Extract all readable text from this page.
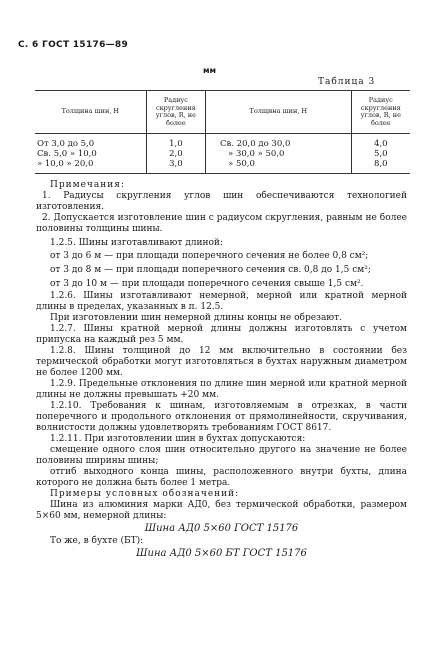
С. 6 ГОСТ 15176—89
мм
Таблица 3
Толщина шин, H	Радиус скругления углов, R, не более	Толщина шин, H	Радиус скругления углов, R, не более
От 3,0 до 5,0	1,0	Св. 20,0 до 30,0	4,0
Св. 5,0 » 10,0	2,0	» 30,0 » 50,0	5,0
» 10,0 » 20,0	3,0	» 50,0	8,0
Примечания:
1. Радиусы скругления углов шин обеспечиваются технологией изготовления.
2. Допускается изготовление шин с радиусом скругления, равным не более половины толщины шины.
1.2.5. Шины изготавливают длиной:
от 3 до 6 м — при площади поперечного сечения не более 0,8 см²;
от 3 до 8 м — при площади поперечного сечения св. 0,8 до 1,5 см²;
от 3 до 10 м — при площади поперечного сечения свыше 1,5 см².
1.2.6. Шины изготавливают немерной, мерной или кратной мерной длины в пределах, указанных в п. 12.5.
При изготовлении шин немерной длины концы не обрезают.
1.2.7. Шины кратной мерной длины должны изготовлять с учетом припуска на каждый рез 5 мм.
1.2.8. Шины толщиной до 12 мм включительно в состоянии без термической обработки могут изготовляться в бухтах наружным диаметром не более 1200 мм.
1.2.9. Предельные отклонения по длине шин мерной или кратной мерной длины не должны превышать +20 мм.
1.2.10. Требования к шинам, изготовляемым в отрезках, в части поперечного и продольного отклонения от прямолинейности, скручивания, волнистости должны удовлетворять требованиям ГОСТ 8617.
1.2.11. При изготовлении шин в бухтах допускаются:
смещение одного слоя шин относительно другого на значение не более половины ширины шины;
отгиб выходного конца шины, расположенного внутри бухты, длина которого не должна быть более 1 метра.
Примеры условных обозначений:
Шина из алюминия марки АД0, без термической обработки, размером 5×60 мм, немерной длины:
Шина АД0 5×60 ГОСТ 15176
То же, в бухте (БТ):
Шина АД0 5×60 БТ ГОСТ 15176
